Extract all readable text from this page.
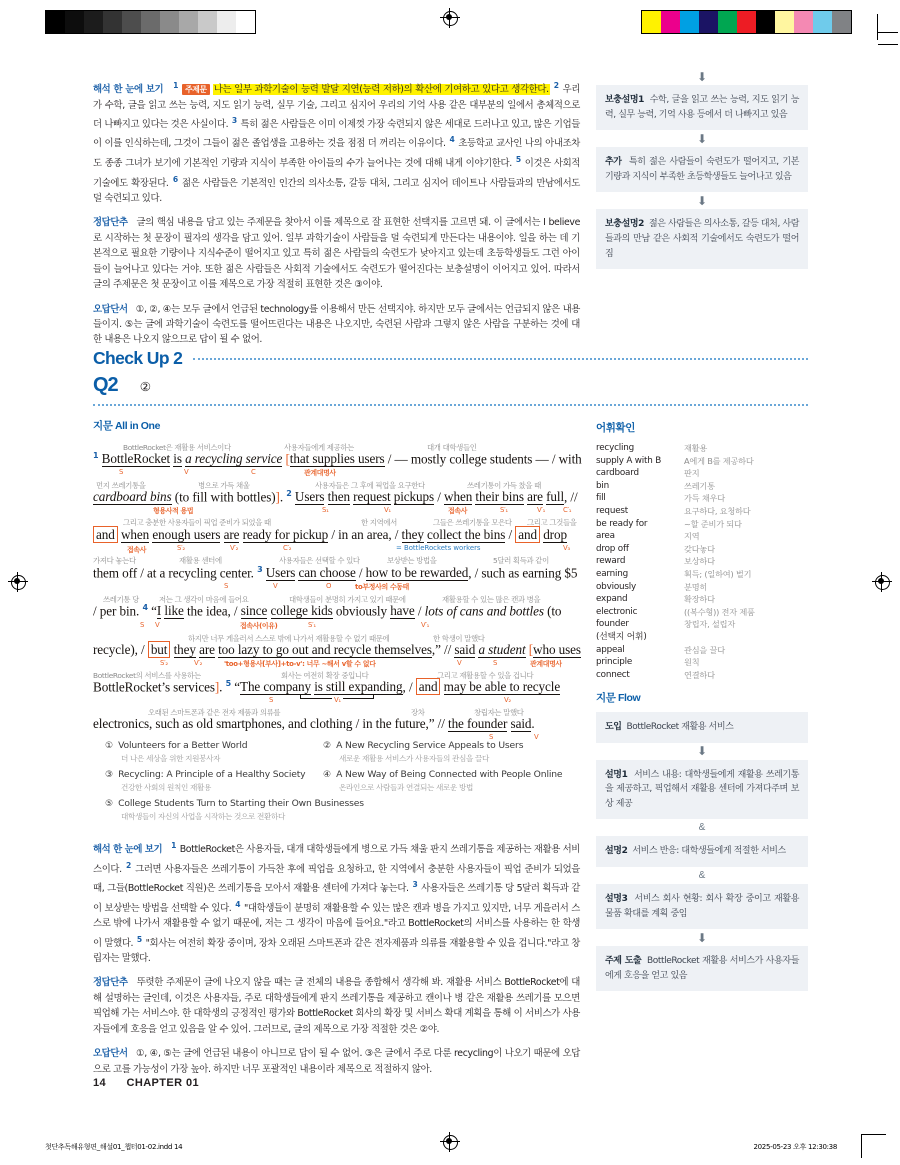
해석 한 눈에 보기 $^1$ 주제문 나는 일부 과학기술이 능력 발달 지연(능력 저하)의 확산에 기여하고 있다고 생각한다. $^2$ 우리가 수학, 글을 읽고 쓰는 능력, 지도 읽기 능력, 실무 기술, 그리고 심지어 우리의 기억 사용 같은 대부분의 일에서 총체적으로 더 나빠지고 있다는 것은 사실이다. $^3$ 특히 젊은 사람들은 이미 이제껏 가장 숙련되지 않은 세대로 드러나고 있고, 많은 기업들이 이를 인식하는데, 그것이 그들이 젊은 졸업생을 고용하는 것을 점점 더 꺼리는 이유이다. $^4$ 초등학교 교사인 나의 아내조차도 종종 그녀가 보기에 기본적인 기량과 지식이 부족한 아이들의 수가 늘어나는 것에 대해 내게 이야기한다. $^5$ 이것은 사회적 기술에도 확장된다. $^6$ 젊은 사람들은 기본적인 인간의 의사소통, 갈등 대처, 그리고 심지어 데이트나 사람들과의 만남에서도 덜 숙련되고 있다.
정답단추 글의 핵심 내용을 담고 있는 주제문을 찾아서 이를 제목으로 잘 표현한 선택지를 고르면 돼. 이 글에서는 I believe로 시작하는 첫 문장이 필자의 생각을 담고 있어. 일부 과학기술이 사람들을 덜 숙련되게 만든다는 내용이야. 일을 하는 데 기본적으로 필요한 기량이나 지식수준이 떨어지고 있고 특히 젊은 사람들의 숙련도가 낮아지고 있는데 초등학생들도 그런 아이들이 늘어나고 있다는 거야. 또한 젊은 사람들은 사회적 기술에서도 숙련도가 떨어진다는 보충설명이 이어지고 있어. 따라서 글의 주제문은 첫 문장이고 이를 제목으로 가장 적절히 표현한 것은 ③이야.
오답단서 ①, ②, ④는 모두 글에서 언급된 technology를 이용해서 만든 선택지야. 하지만 모두 글에서는 언급되지 않은 내용들이지. ⑤는 글에 과학기술이 숙련도를 떨어뜨린다는 내용은 나오지만, 숙련된 사람과 그렇지 않은 사람을 구분하는 것에 대한 내용은 나오지 않으므로 답이 될 수 없어.
⬇
보충설명1 수학, 글을 읽고 쓰는 능력, 지도 읽기 능력, 실무 능력, 기억 사용 등에서 더 나빠지고 있음
⬇
추가 특히 젊은 사람들이 숙련도가 떨어지고, 기본 기량과 지식이 부족한 초등학생들도 늘어나고 있음
⬇
보충설명2 젊은 사람들은 의사소통, 갈등 대처, 사람들과의 만남 같은 사회적 기술에서도 숙련도가 떨어짐
Check Up 2
Q2 ②
지문 All in One
BottleRocket은 재활용 서비스이다	사용자들에게 제공하는	대개 대학생들인
$^1$ BottleRocket is a recycling service [that supplies users / — mostly college students — / with
S	V	C	관계대명사
먼지 쓰레기통을	병으로 가득 채울	사용자들은 그 후에 픽업을 요구한다	쓰레기통이 가득 찼을 때
cardboard bins (to fill with bottles)]. $^2$ Users then request pickups / when their bins are full, //
형용사적 용법	S₁	V₁	접속사	S′₁	V′₁	C′₁
그리고 충분한 사용자들이 픽업 준비가 되었을 때	한 지역에서	그들은 쓰레기통을 모은다 그리고 그것들을
and when enough users are ready for pickup / in an area, / they collect the bins / and drop
접속사	S′₂	V′₂	C′₂	= BottleRockets workers	V₃
가져다 놓는다	재활용 센터에	사용자들은 선택할 수 있다	보상받는 방법을	5달러 획득과 같이
them off / at a recycling center. $^3$ Users can choose / how to be rewarded, / such as earning $5
S	V	O	to부정사의 수동태
쓰레기통 당	저는 그 생각이 마음에 들어요	대학생들이 분명히 가지고 있기 때문에	재활용할 수 있는 많은 캔과 병을
/ per bin. $^4$ “I like the idea, / since college kids obviously have / lots of cans and bottles (to
S V	접속사(이유)	S′₁	V′₁
하지만 너무 게을러서 스스로 밖에 나가서 재활용할 수 없기 때문에	한 학생이 말했다
recycle), / but they are too lazy to go out and recycle themselves,” // said a student [who uses
S′₂	V′₂	'too+형용사[부사]+to-v': 너무 ~해서 v할 수 없다	V	S	관계대명사
BottleRocket의 서비스를 사용하는	회사는 여전히 확장 중입니다	그리고 재활용할 수 있을 겁니다
BottleRocket’s services]. $^5$ “The company is still expanding, / and may be able to recycle
S	V₁	V₂
오래된 스마트폰과 같은 전자 제품과 의류를	장차	창립자는 말했다
electronics, such as old smartphones, and clothing / in the future,” // the founder said.
S	V
① Volunteers for a Better World
더 나은 세상을 위한 지원봉사자
② A New Recycling Service Appeals to Users
새로운 재활용 서비스가 사용자들의 관심을 끌다
③ Recycling: A Principle of a Healthy Society
건강한 사회의 원칙인 재활용
④ A New Way of Being Connected with People Online
온라인으로 사람들과 연결되는 새로운 방법
⑤ College Students Turn to Starting their Own Businesses
대학생들이 자신의 사업을 시작하는 것으로 전환하다
해석 한 눈에 보기 $^1$ BottleRocket은 사용자들, 대개 대학생들에게 병으로 가득 채울 판지 쓰레기통을 제공하는 재활용 서비스이다. $^2$ 그러면 사용자들은 쓰레기통이 가득찬 후에 픽업을 요청하고, 한 지역에서 충분한 사용자들이 픽업 준비가 되었을 때, 그들(BottleRocket 직원)은 쓰레기통을 모아서 재활용 센터에 가져다 놓는다. $^3$ 사용자들은 쓰레기통 당 5달러 획득과 같이 보상받는 방법을 선택할 수 있다. $^4$ "대학생들이 분명히 재활용할 수 있는 많은 캔과 병을 가지고 있지만, 너무 게을러서 스스로 밖에 나가서 재활용할 수 없기 때문에, 저는 그 생각이 마음에 들어요."라고 BottleRocket의 서비스를 사용하는 한 학생이 말했다. $^5$ "회사는 여전히 확장 중이며, 장차 오래된 스마트폰과 같은 전자제품과 의류를 재활용할 수 있을 겁니다."라고 창립자는 말했다.
정답단추 뚜렷한 주제문이 글에 나오지 않을 때는 글 전체의 내용을 종합해서 생각해 봐. 재활용 서비스 BottleRocket에 대해 설명하는 글인데, 이것은 사용자들, 주로 대학생들에게 판지 쓰레기통을 제공하고 캔이나 병 같은 재활용 쓰레기를 모으면 픽업해 가는 서비스야. 한 대학생의 긍정적인 평가와 BottleRocket 회사의 확장 및 서비스 확대 계획을 통해 이 서비스가 사용자들에게 호응을 얻고 있음을 알 수 있어. 그러므로, 글의 제목으로 가장 적절한 것은 ②야.
오답단서 ①, ④, ⑤는 글에 언급된 내용이 아니므로 답이 될 수 없어. ③은 글에서 주로 다룬 recycling이 나오기 때문에 오답으로 고를 가능성이 가장 높아. 하지만 너무 포괄적인 내용이라 제목으로 적절하지 않아.
어휘확인
recycling	재활용
supply A with B	A에게 B를 제공하다
cardboard	판지
bin	쓰레기통
fill	가득 채우다
request	요구하다, 요청하다
be ready for	~할 준비가 되다
area	지역
drop off	갖다놓다
reward	보상하다
earning	획득; (일하여) 벌기
obviously	분명히
expand	확장하다
electronic	((복수형)) 전자 제품
founder	창립자, 설립자
(선택지 어휘)
appeal	관심을 끌다
principle	원칙
connect	연결하다
지문 Flow
도입  BottleRocket 재활용 서비스
⬇
설명1  서비스 내용: 대학생들에게 재활용 쓰레기통을 제공하고, 픽업해서 재활용 센터에 가져다주며 보상 제공
&
설명2  서비스 반응: 대학생들에게 적절한 서비스
&
설명3  서비스 회사 현황: 회사 확장 중이고 재활용 물품 확대를 계획 중임
⬇
주제 도출  BottleRocket 재활용 서비스가 사용자들에게 호응을 얻고 있음
14 CHAPTER 01
첫단추독해유형편_해설01_챕터01-02.indd 14	2025-05-23 오후 12:30:38
